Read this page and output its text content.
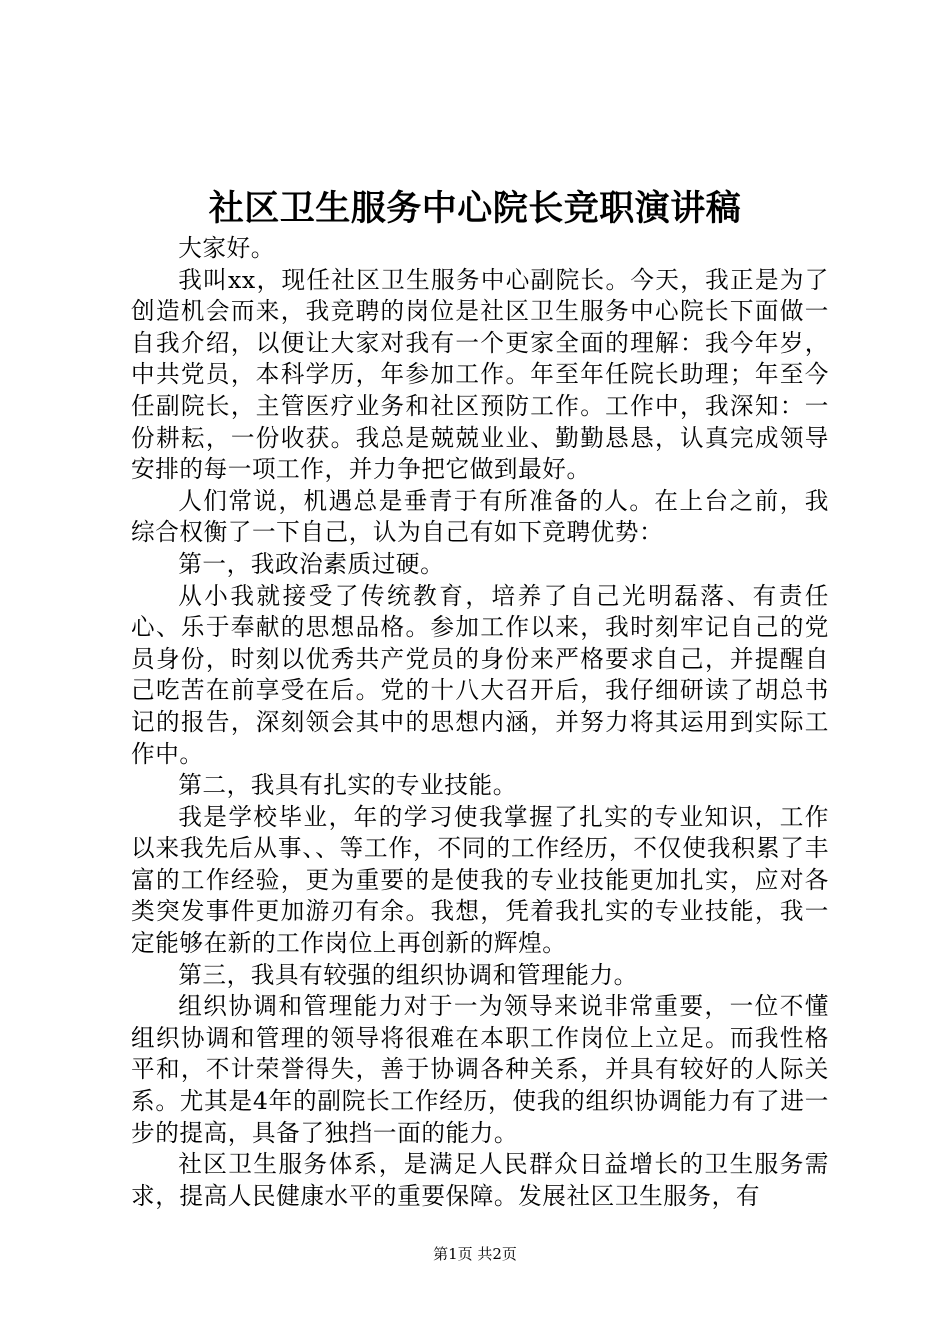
社区卫生服务中心院长竞职演讲稿

大家好。

我叫xx，现任社区卫生服务中心副院长。今天，我正是为了创造机会而来，我竞聘的岗位是社区卫生服务中心院长下面做一自我介绍，以便让大家对我有一个更家全面的理解：我今年岁，中共党员，本科学历，年参加工作。年至年任院长助理；年至今任副院长，主管医疗业务和社区预防工作。工作中，我深知：一份耕耘，一份收获。我总是兢兢业业、勤勤恳恳，认真完成领导安排的每一项工作，并力争把它做到最好。

人们常说，机遇总是垂青于有所准备的人。在上台之前，我综合权衡了一下自己，认为自己有如下竞聘优势：

第一，我政治素质过硬。

从小我就接受了传统教育，培养了自己光明磊落、有责任心、乐于奉献的思想品格。参加工作以来，我时刻牢记自己的党员身份，时刻以优秀共产党员的身份来严格要求自己，并提醒自己吃苦在前享受在后。党的十八大召开后，我仔细研读了胡总书记的报告，深刻领会其中的思想内涵，并努力将其运用到实际工作中。

第二，我具有扎实的专业技能。

我是学校毕业，年的学习使我掌握了扎实的专业知识，工作以来我先后从事、、等工作，不同的工作经历，不仅使我积累了丰富的工作经验，更为重要的是使我的专业技能更加扎实，应对各类突发事件更加游刃有余。我想，凭着我扎实的专业技能，我一定能够在新的工作岗位上再创新的辉煌。

第三，我具有较强的组织协调和管理能力。

组织协调和管理能力对于一为领导来说非常重要，一位不懂组织协调和管理的领导将很难在本职工作岗位上立足。而我性格平和，不计荣誉得失，善于协调各种关系，并具有较好的人际关系。尤其是4年的副院长工作经历，使我的组织协调能力有了进一步的提高，具备了独挡一面的能力。

社区卫生服务体系，是满足人民群众日益增长的卫生服务需求，提高人民健康水平的重要保障。发展社区卫生服务，有

第1页 共2页
